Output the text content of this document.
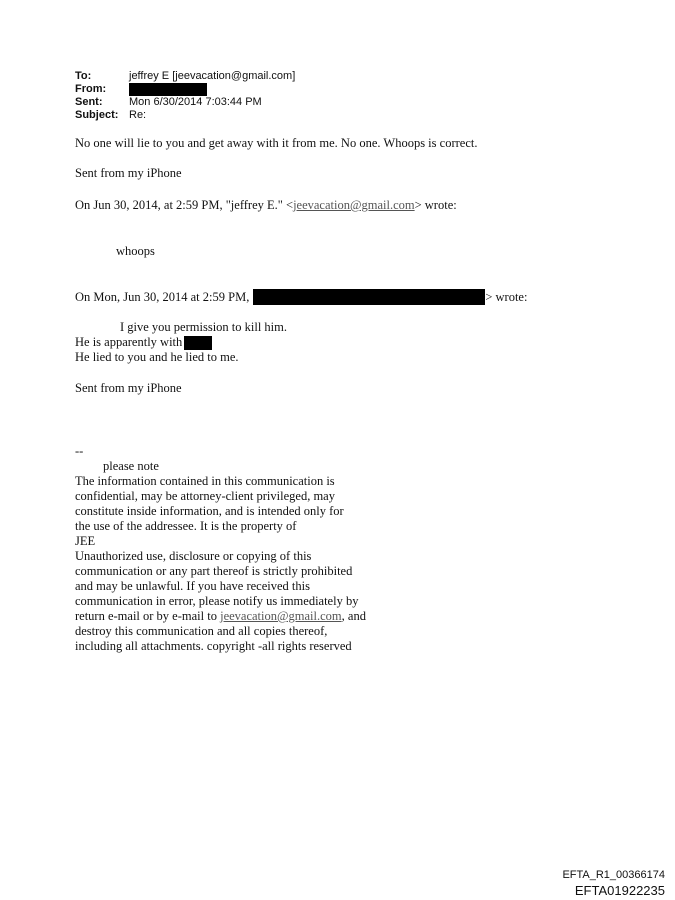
To:	jeffrey E [jeevacation@gmail.com]
From:
Sent:	Mon 6/30/2014 7:03:44 PM
Subject: Re:
No one will lie to you and get away with it from me. No one. Whoops is correct.
Sent from my iPhone
On Jun 30, 2014, at 2:59 PM, "jeffrey E." <jeevacation@gmail.com> wrote:
whoops
On Mon, Jun 30, 2014 at 2:59 PM,	> wrote:
I give you permission to kill him.
He is apparently with
He lied to you and he lied to me.
Sent from my iPhone
--
please note
The information contained in this communication is
confidential, may be attorney-client privileged, may
constitute inside information, and is intended only for
the use of the addressee. It is the property of
JEE
Unauthorized use, disclosure or copying of this
communication or any part thereof is strictly prohibited
and may be unlawful. If you have received this
communication in error, please notify us immediately by
return e-mail or by e-mail to jeevacation@gmail.com, and
destroy this communication and all copies thereof,
including all attachments. copyright -all rights reserved
EFTA_R1_00366174
EFTA01922235
